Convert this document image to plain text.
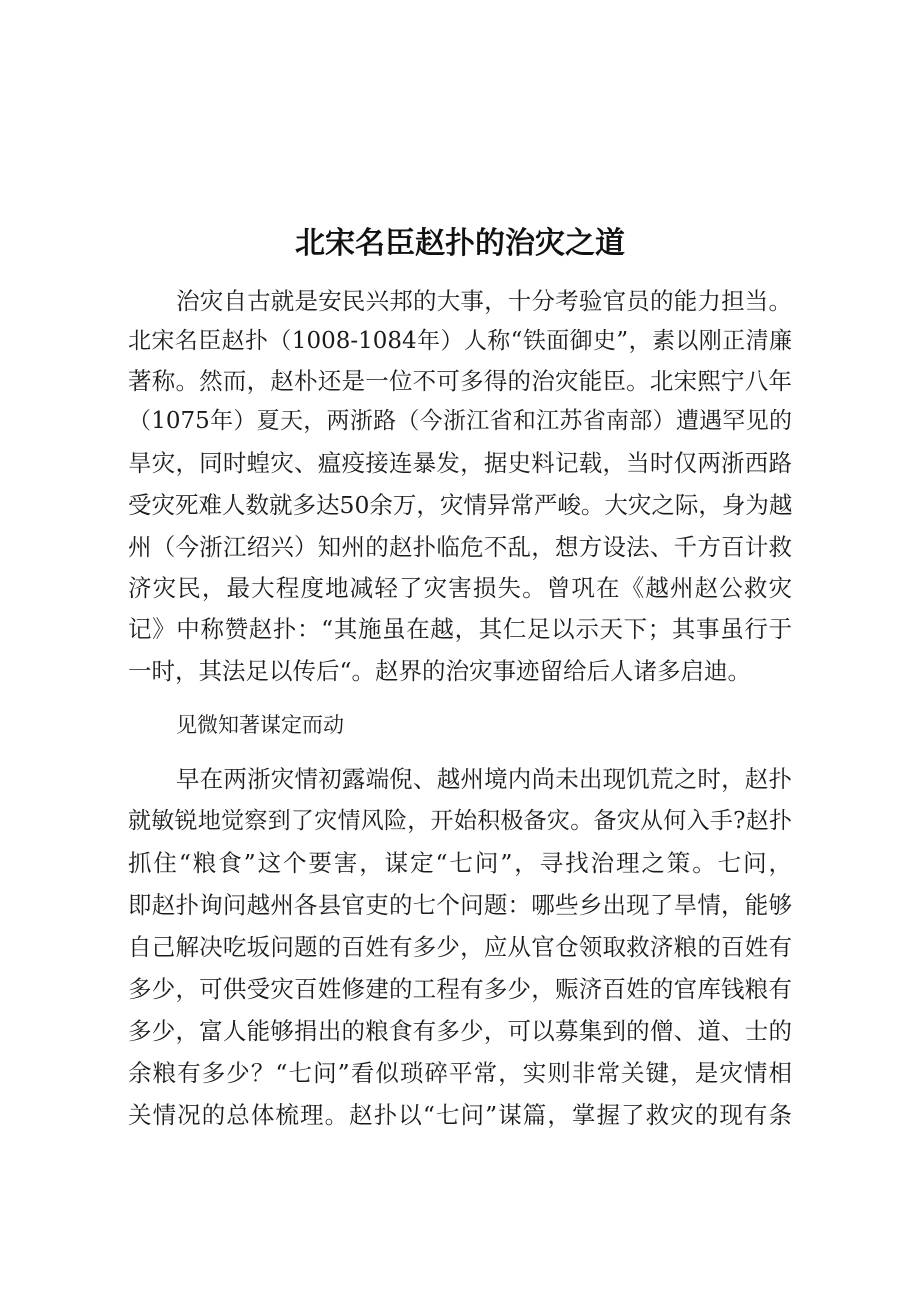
北宋名臣赵扑的治灾之道
治灾自古就是安民兴邦的大事，十分考验官员的能力担当。
北宋名臣赵扑（1008-1084年）人称“铁面御史”，素以刚正清廉
著称。然而，赵朴还是一位不可多得的治灾能臣。北宋熙宁八年
（1075年）夏天，两浙路（今浙江省和江苏省南部）遭遇罕见的
旱灾，同时蝗灾、瘟疫接连暴发，据史料记载，当时仅两浙西路
受灾死难人数就多达50余万，灾情异常严峻。大灾之际，身为越
州（今浙江绍兴）知州的赵扑临危不乱，想方设法、千方百计救
济灾民，最大程度地减轻了灾害损失。曾巩在《越州赵公救灾
记》中称赞赵扑：“其施虽在越，其仁足以示天下；其事虽行于
一时，其法足以传后“。赵界的治灾事迹留给后人诸多启迪。
见微知著谋定而动
早在两浙灾情初露端倪、越州境内尚未出现饥荒之时，赵扑
就敏锐地觉察到了灾情风险，开始积极备灾。备灾从何入手?赵扑
抓住“粮食”这个要害，谋定“七问”，寻找治理之策。七问，
即赵扑询问越州各县官吏的七个问题：哪些乡出现了旱情，能够
自己解决吃坂问题的百姓有多少，应从官仓领取救济粮的百姓有
多少，可供受灾百姓修建的工程有多少，赈济百姓的官库钱粮有
多少，富人能够捐出的粮食有多少，可以募集到的僧、道、士的
余粮有多少？“七问”看似琐碎平常，实则非常关键，是灾情相
关情况的总体梳理。赵扑以“七问”谋篇，掌握了救灾的现有条
